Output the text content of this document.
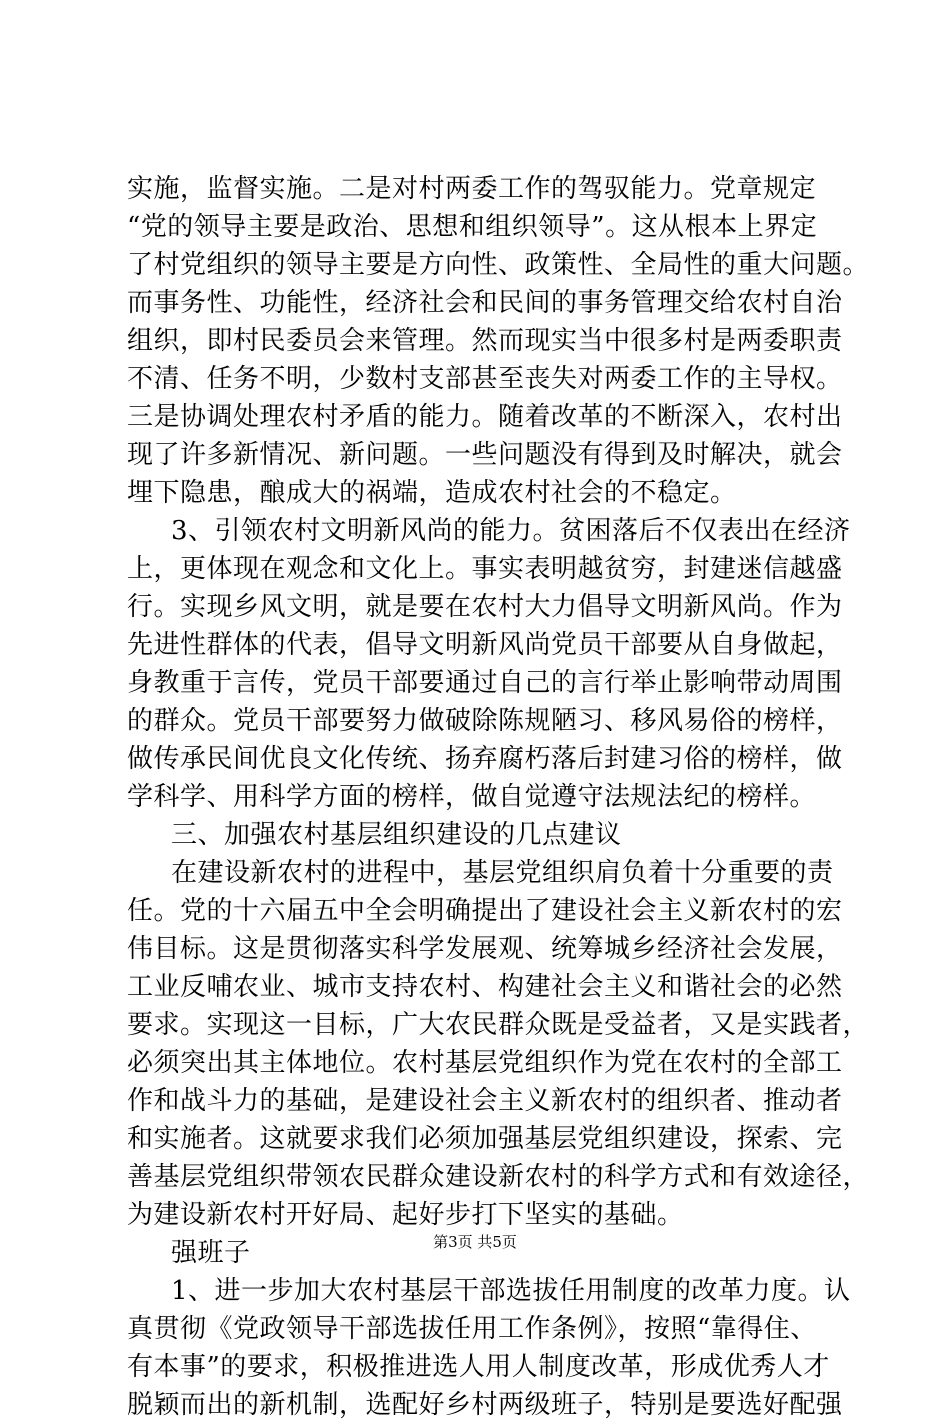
实施，监督实施。二是对村两委工作的驾驭能力。党章规定
“党的领导主要是政治、思想和组织领导”。这从根本上界定
了村党组织的领导主要是方向性、政策性、全局性的重大问题。
而事务性、功能性，经济社会和民间的事务管理交给农村自治
组织，即村民委员会来管理。然而现实当中很多村是两委职责
不清、任务不明，少数村支部甚至丧失对两委工作的主导权。
三是协调处理农村矛盾的能力。随着改革的不断深入，农村出
现了许多新情况、新问题。一些问题没有得到及时解决，就会
埋下隐患，酿成大的祸端，造成农村社会的不稳定。
3、引领农村文明新风尚的能力。贫困落后不仅表出在经济
上，更体现在观念和文化上。事实表明越贫穷，封建迷信越盛
行。实现乡风文明，就是要在农村大力倡导文明新风尚。作为
先进性群体的代表，倡导文明新风尚党员干部要从自身做起，
身教重于言传，党员干部要通过自己的言行举止影响带动周围
的群众。党员干部要努力做破除陈规陋习、移风易俗的榜样，
做传承民间优良文化传统、扬弃腐朽落后封建习俗的榜样，做
学科学、用科学方面的榜样，做自觉遵守法规法纪的榜样。
三、加强农村基层组织建设的几点建议
在建设新农村的进程中，基层党组织肩负着十分重要的责
任。党的十六届五中全会明确提出了建设社会主义新农村的宏
伟目标。这是贯彻落实科学发展观、统筹城乡经济社会发展，
工业反哺农业、城市支持农村、构建社会主义和谐社会的必然
要求。实现这一目标，广大农民群众既是受益者，又是实践者，
必须突出其主体地位。农村基层党组织作为党在农村的全部工
作和战斗力的基础，是建设社会主义新农村的组织者、推动者
和实施者。这就要求我们必须加强基层党组织建设，探索、完
善基层党组织带领农民群众建设新农村的科学方式和有效途径，
为建设新农村开好局、起好步打下坚实的基础。
强班子
1、进一步加大农村基层干部选拔任用制度的改革力度。认
真贯彻《党政领导干部选拔任用工作条例》，按照“靠得住、
有本事”的要求，积极推进选人用人制度改革，形成优秀人才
脱颖而出的新机制，选配好乡村两级班子，特别是要选好配强
第3页 共5页
